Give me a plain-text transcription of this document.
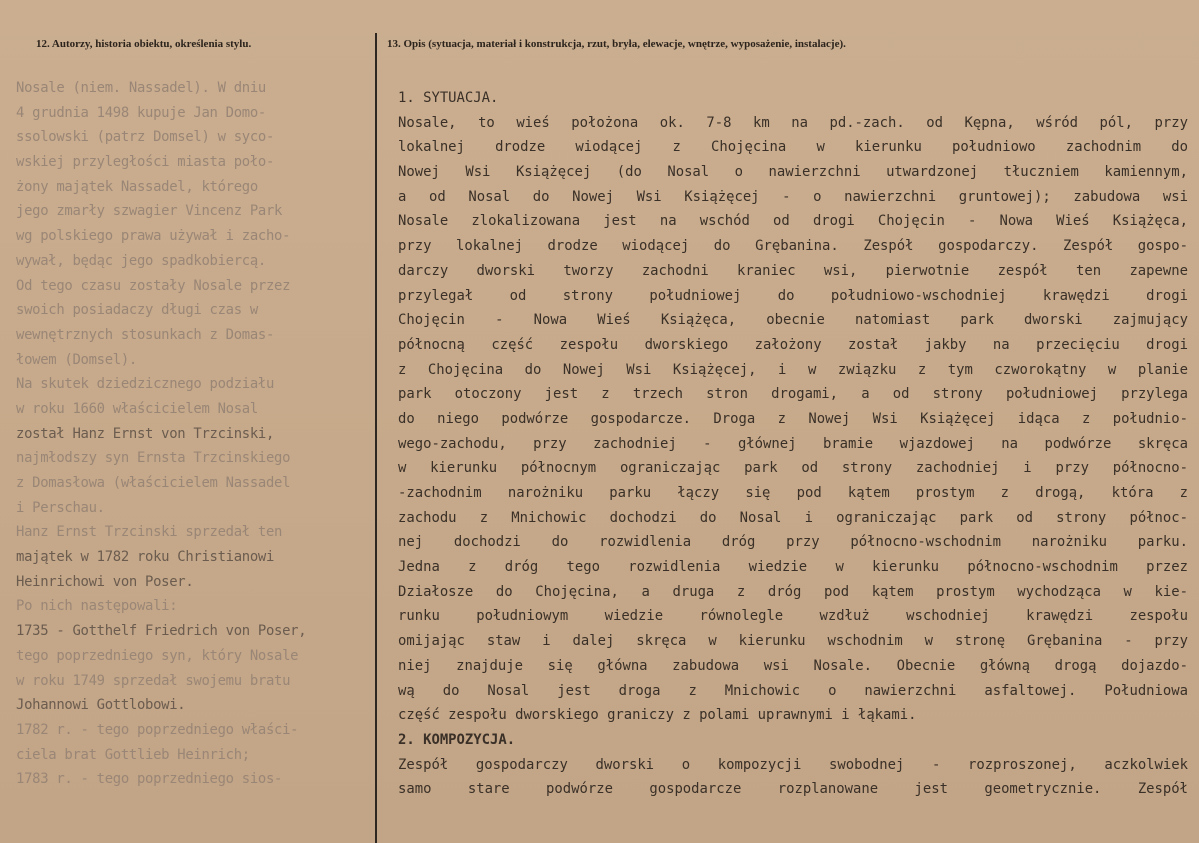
12. Autorzy, historia obiektu, określenia stylu.	13. Opis (sytuacja, materiał i konstrukcja, rzut, bryła, elewacje, wnętrze, wyposażenie, instalacje).
Nosale (niem. Nassadel). W dniu
4 grudnia 1498 kupuje Jan Domo-
ssolowski (patrz Domsel) w syco-
wskiej przyległości miasta poło-
żony majątek Nassadel, którego
jego zmarły szwagier Vincenz Park
wg polskiego prawa używał i zacho-
wywał, będąc jego spadkobiercą.
Od tego czasu zostały Nosale przez
swoich posiadaczy długi czas w
wewnętrznych stosunkach z Domas-
łowem (Domsel).
Na skutek dziedzicznego podziału
w roku 1660 właścicielem Nosal
został Hanz Ernst von Trzcinski,
najmłodszy syn Ernsta Trzcinskiego
z Domasłowa (właścicielem Nassadel
i Perschau.
Hanz Ernst Trzcinski sprzedał ten
majątek w 1782 roku Christianowi
Heinrichowi von Poser.
Po nich następowali:
1735 - Gotthelf Friedrich von Poser,
tego poprzedniego syn, który Nosale
w roku 1749 sprzedał swojemu bratu
Johannowi Gottlobowi.
1782 r. - tego poprzedniego właści-
ciela brat Gottlieb Heinrich;
1783 r. - tego poprzedniego sios-
1. SYTUACJA.
Nosale, to wieś położona ok. 7-8 km na pd.-zach. od Kępna, wśród pól, przy
lokalnej drodze wiodącej z Chojęcina w kierunku południowo zachodnim do
Nowej Wsi Książęcej (do Nosal o nawierzchni utwardzonej tłuczniem kamiennym,
a od Nosal do Nowej Wsi Książęcej - o nawierzchni gruntowej); zabudowa wsi
Nosale zlokalizowana jest na wschód od drogi Chojęcin - Nowa Wieś Książęca,
przy lokalnej drodze wiodącej do Grębanina. Zespół gospodarczy. Zespół gospo-
darczy dworski tworzy zachodni kraniec wsi, pierwotnie zespół ten zapewne
przylegał od strony południowej do południowo-wschodniej krawędzi drogi
Chojęcin - Nowa Wieś Książęca, obecnie natomiast park dworski zajmujący
północną część zespołu dworskiego założony został jakby na przecięciu drogi
z Chojęcina do Nowej Wsi Książęcej, i w związku z tym czworokątny w planie
park otoczony jest z trzech stron drogami, a od strony południowej przylega
do niego podwórze gospodarcze. Droga z Nowej Wsi Książęcej idąca z południo-
wego-zachodu, przy zachodniej - głównej bramie wjazdowej na podwórze skręca
w kierunku północnym ograniczając park od strony zachodniej i przy północno-
-zachodnim narożniku parku łączy się pod kątem prostym z drogą, która z
zachodu z Mnichowic dochodzi do Nosal i ograniczając park od strony północ-
nej dochodzi do rozwidlenia dróg przy północno-wschodnim narożniku parku.
Jedna z dróg tego rozwidlenia wiedzie w kierunku północno-wschodnim przez
Działosze do Chojęcina, a druga z dróg pod kątem prostym wychodząca w kie-
runku południowym wiedzie równolegle wzdłuż wschodniej krawędzi zespołu
omijając staw i dalej skręca w kierunku wschodnim w stronę Grębanina - przy
niej znajduje się główna zabudowa wsi Nosale. Obecnie główną drogą dojazdo-
wą do Nosal jest droga z Mnichowic o nawierzchni asfaltowej. Południowa
część zespołu dworskiego graniczy z polami uprawnymi i łąkami.
2. KOMPOZYCJA.
Zespół gospodarczy dworski o kompozycji swobodnej - rozproszonej, aczkolwiek
samo stare podwórze gospodarcze rozplanowane jest geometrycznie. Zespół
